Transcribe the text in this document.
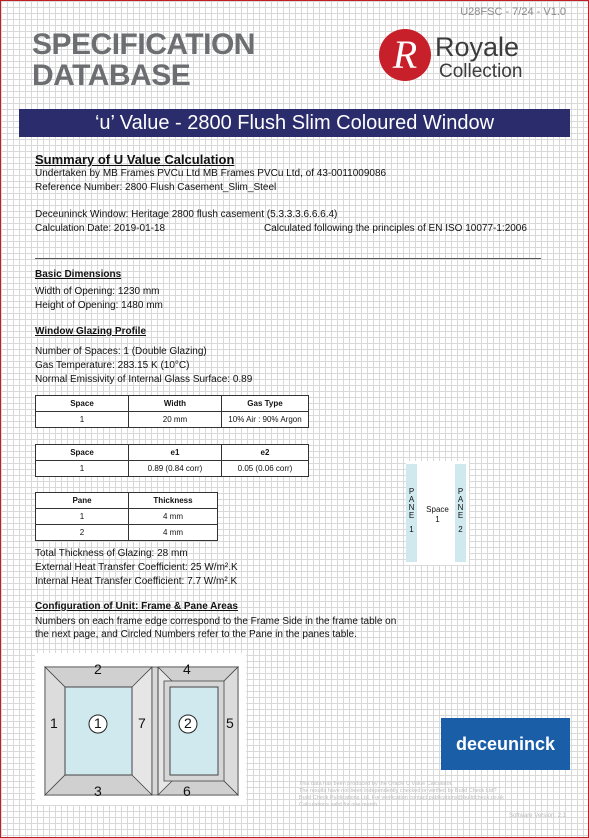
U28FSC - 7/24 - V1.0
SPECIFICATION
DATABASE	R Royale
Collection
‘u’ Value - 2800 Flush Slim Coloured Window
Summary of U Value Calculation
Undertaken by MB Frames PVCu Ltd MB Frames PVCu Ltd, of 43-0011009086
Reference Number: 2800 Flush Casement_Slim_Steel
Deceuninck Window: Heritage 2800 flush casement (5.3.3.3.6.6.6.4)
Calculation Date: 2019-01-18	Calculated following the principles of EN ISO 10077-1:2006
Basic Dimensions
Width of Opening: 1230 mm
Height of Opening: 1480 mm
Window Glazing Profile
Number of Spaces: 1 (Double Glazing)
Gas Temperature: 283.15 K (10°C)
Normal Emissivity of Internal Glass Surface: 0.89
Space	Width	Gas Type
1	20 mm	10% Air : 90% Argon
Space	e1	e2
1	0.89 (0.84 corr)	0.05 (0.06 corr)
Pane	Thickness
1	4 mm
2	4 mm
Total Thickness of Glazing: 28 mm
External Heat Transfer Coefficient: 25 W/m².K
Internal Heat Transfer Coefficient: 7.7 W/m².K
P
A
N
E
1
Space
1
P
A
N
E
2
Configuration of Unit: Frame & Pane Areas
Numbers on each frame edge correspond to the Frame Side in the frame table on
the next page, and Circled Numbers refer to the Pane in the panes table.
1
2
3
4
5
6
7
1	2
deceuninck
This data has been produced by the Oracle U Value Calculator.
The results have not been independently checked or verified by Build Check Ltd?
Build Check Publications Ltd. For verification contact publications@buildcheck.co.uk
Calculations valid for one month.
Software Version: 2.1
